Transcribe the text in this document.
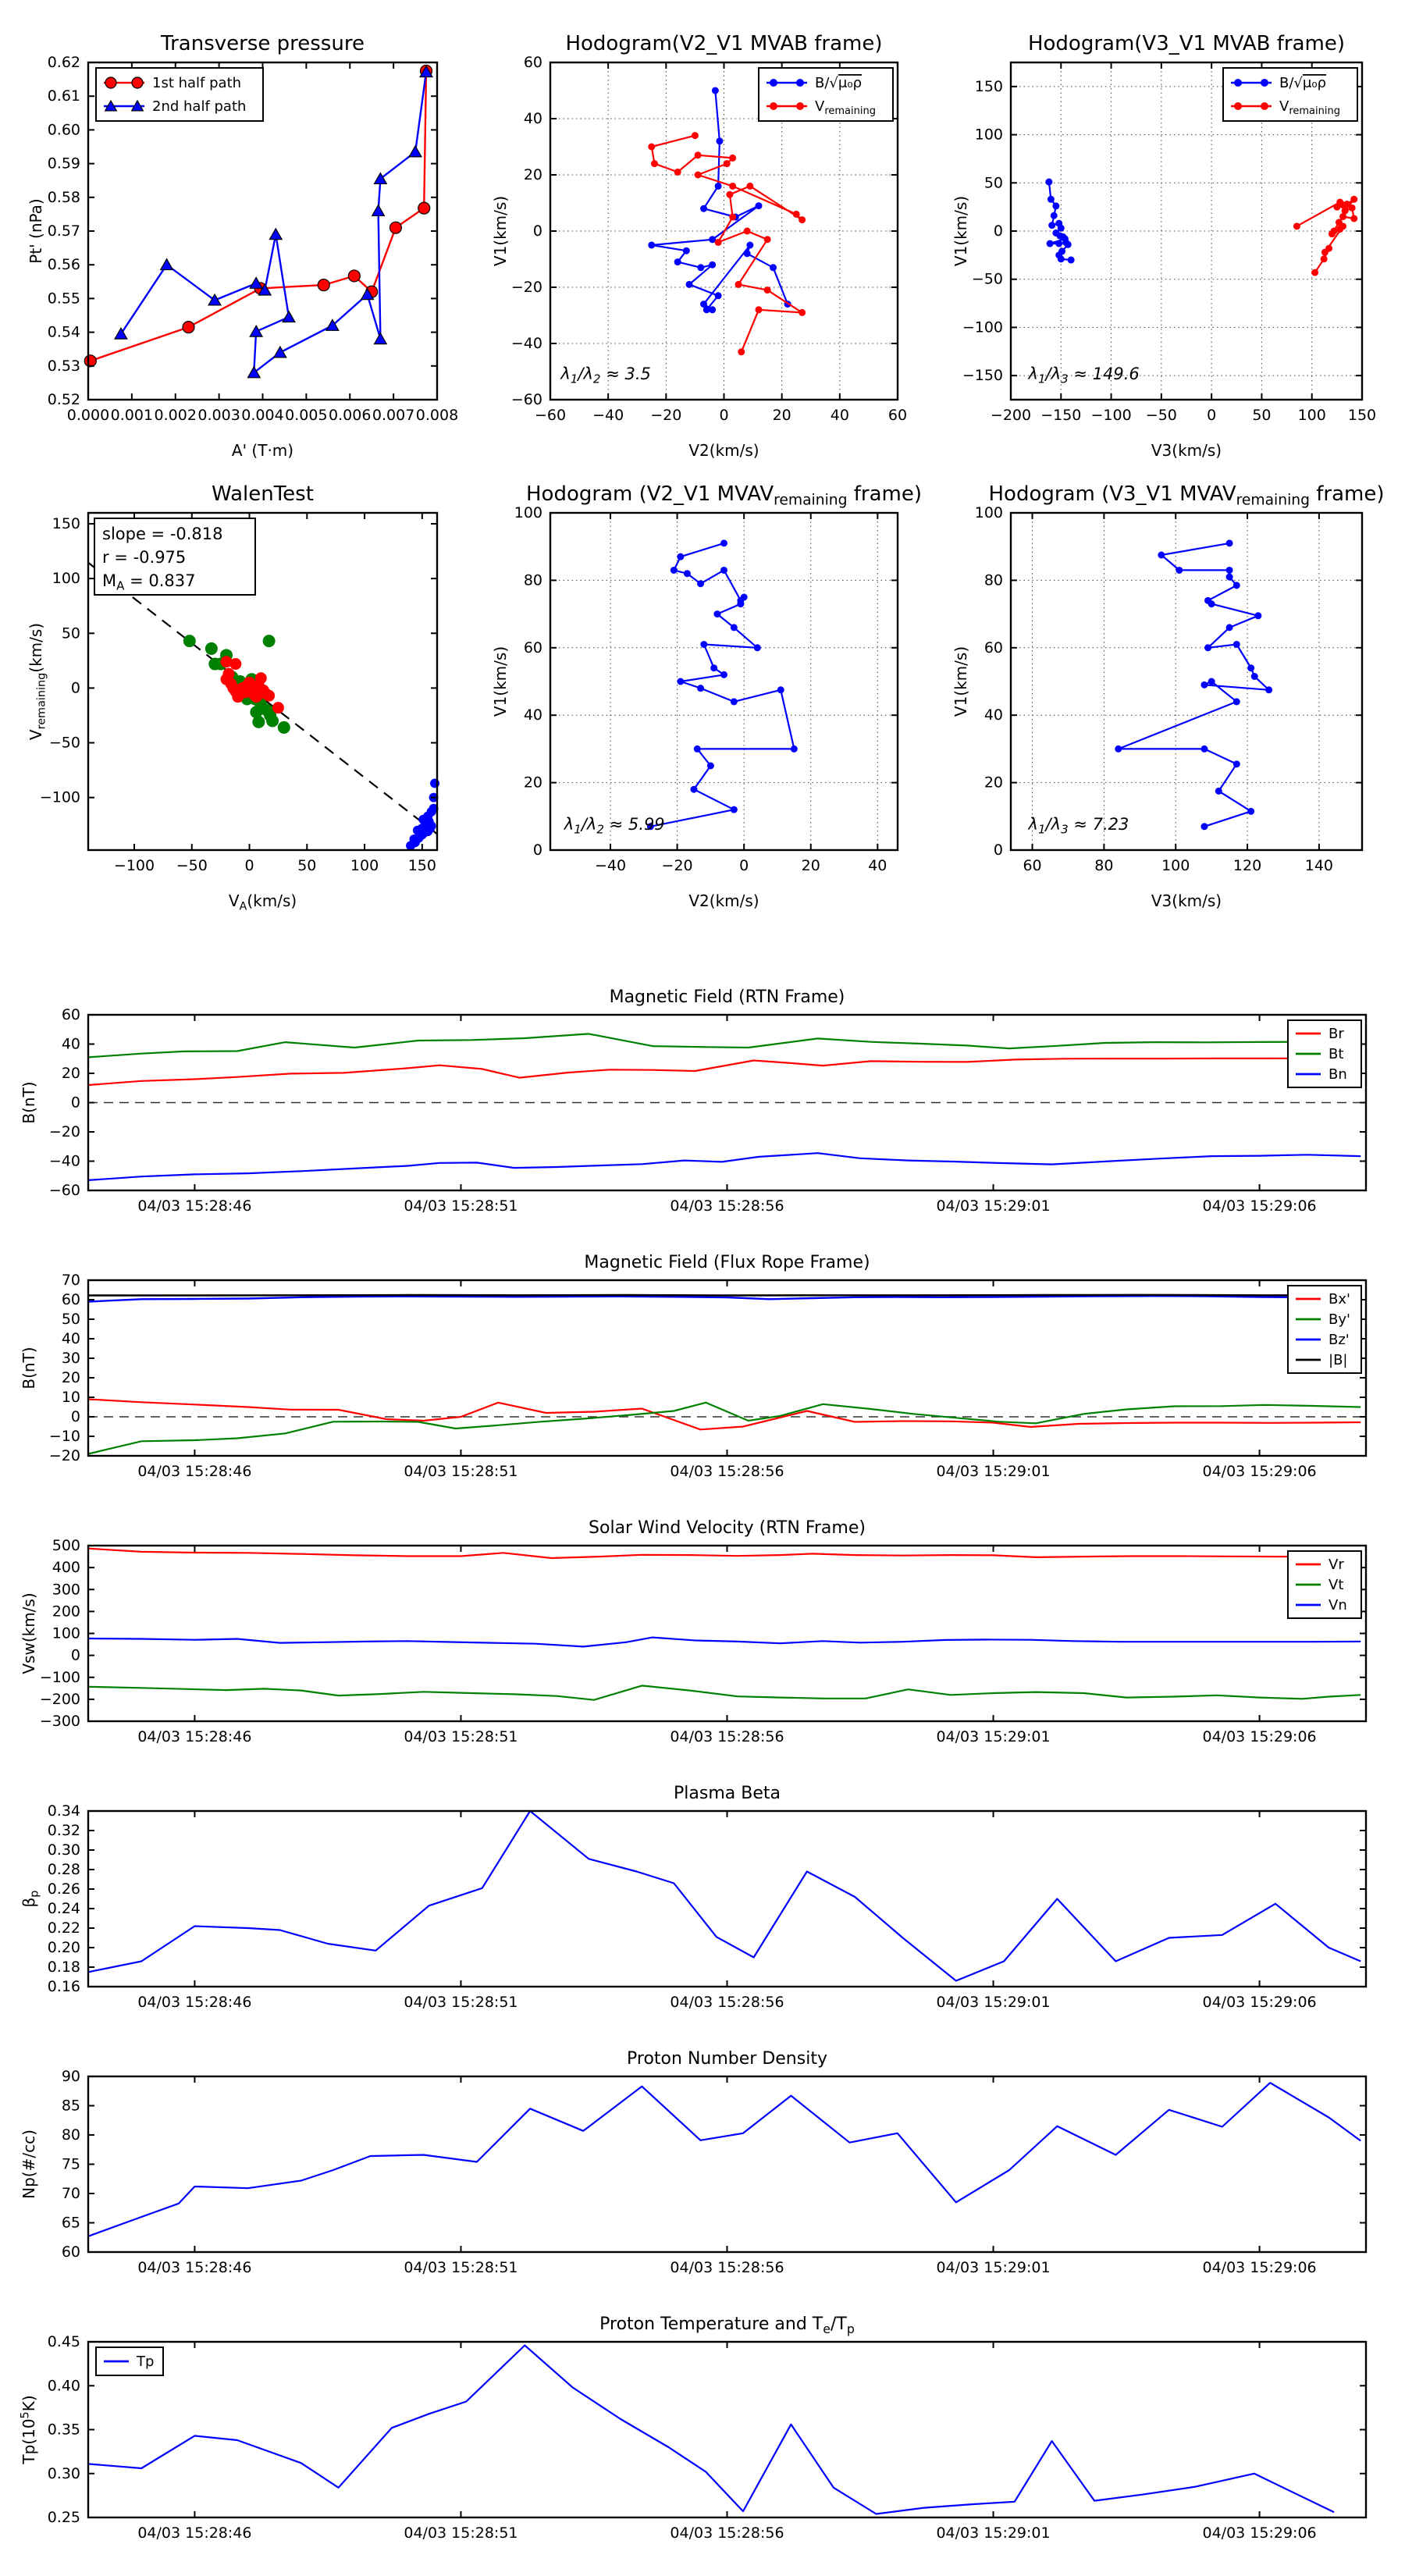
0.000 0.001 0.002 0.003 0.004 0.005 0.006 0.007 0.008
0.52
0.53
0.54
0.55
0.56
0.57
0.58
0.59
0.60
0.61
0.62
Transverse pressure
A' (T·m)
Pt' (nPa)
1st half path
2nd half path
−60 −40 −20	0	20	40	60
−60
−40
−20
0
20
40
60
Hodogram(V2_V1 MVAB frame)
V2(km/s)
V1(km/s)
$\lambda_1/\lambda_2 \approx 3.5$
B/√μ₀ρ
$V_{remaining}$
−200 −150 −100 −50 0 50 100 150
−150
−100
−50
0
50
100
150
Hodogram(V3_V1 MVAB frame)
V3(km/s)
V1(km/s)
$\lambda_1/\lambda_3 \approx 149.6$
B/√μ₀ρ
$V_{remaining}$
−100 −50	0	50 100 150
−100
−50
0
50
100
150
WalenTest
$V_A(km/s)$
$V_{remaining}(km/s)$
slope = -0.818
r = -0.975
$M_A = 0.837$
−40 −20	0	20	40
0
20
40
60
80
100
Hodogram (V2_V1 $MVAV_{remaining}$ frame)
V2(km/s)
V1(km/s)
$\lambda_1/\lambda_2 \approx 5.99$
60	80	100	120	140
0
20
40
60
80
100
Hodogram (V3_V1 $MVAV_{remaining}$ frame)
V3(km/s)
V1(km/s)
$\lambda_1/\lambda_3 \approx 7.23$
04/03 15:28:46	04/03 15:28:51	04/03 15:28:56	04/03 15:29:01	04/03 15:29:06
−60
−40
−20
0
20
40
60
Magnetic Field (RTN Frame)
B(nT)
Br
Bt
Bn
04/03 15:28:46	04/03 15:28:51	04/03 15:28:56	04/03 15:29:01	04/03 15:29:06
−20
−10
0
10
20
30
40
50
60
70
Magnetic Field (Flux Rope Frame)
B(nT)
Bx'
By'
Bz'
|B|
04/03 15:28:46	04/03 15:28:51	04/03 15:28:56	04/03 15:29:01	04/03 15:29:06
−300
−200
−100
0
100
200
300
400
500
Solar Wind Velocity (RTN Frame)
Vsw(km/s)
Vr
Vt
Vn
04/03 15:28:46	04/03 15:28:51	04/03 15:28:56	04/03 15:29:01	04/03 15:29:06
0.16
0.18
0.20
0.22
0.24
0.26
0.28
0.30
0.32
0.34
Plasma Beta
$\beta_p$
04/03 15:28:46	04/03 15:28:51	04/03 15:28:56	04/03 15:29:01	04/03 15:29:06
60
65
70
75
80
85
90
Proton Number Density
Np(#/cc)
04/03 15:28:46	04/03 15:28:51	04/03 15:28:56	04/03 15:29:01	04/03 15:29:06
0.25
0.30
0.35
0.40
0.45
Proton Temperature and $T_e/T_p$
$Tp(10^5K)$
Tp
